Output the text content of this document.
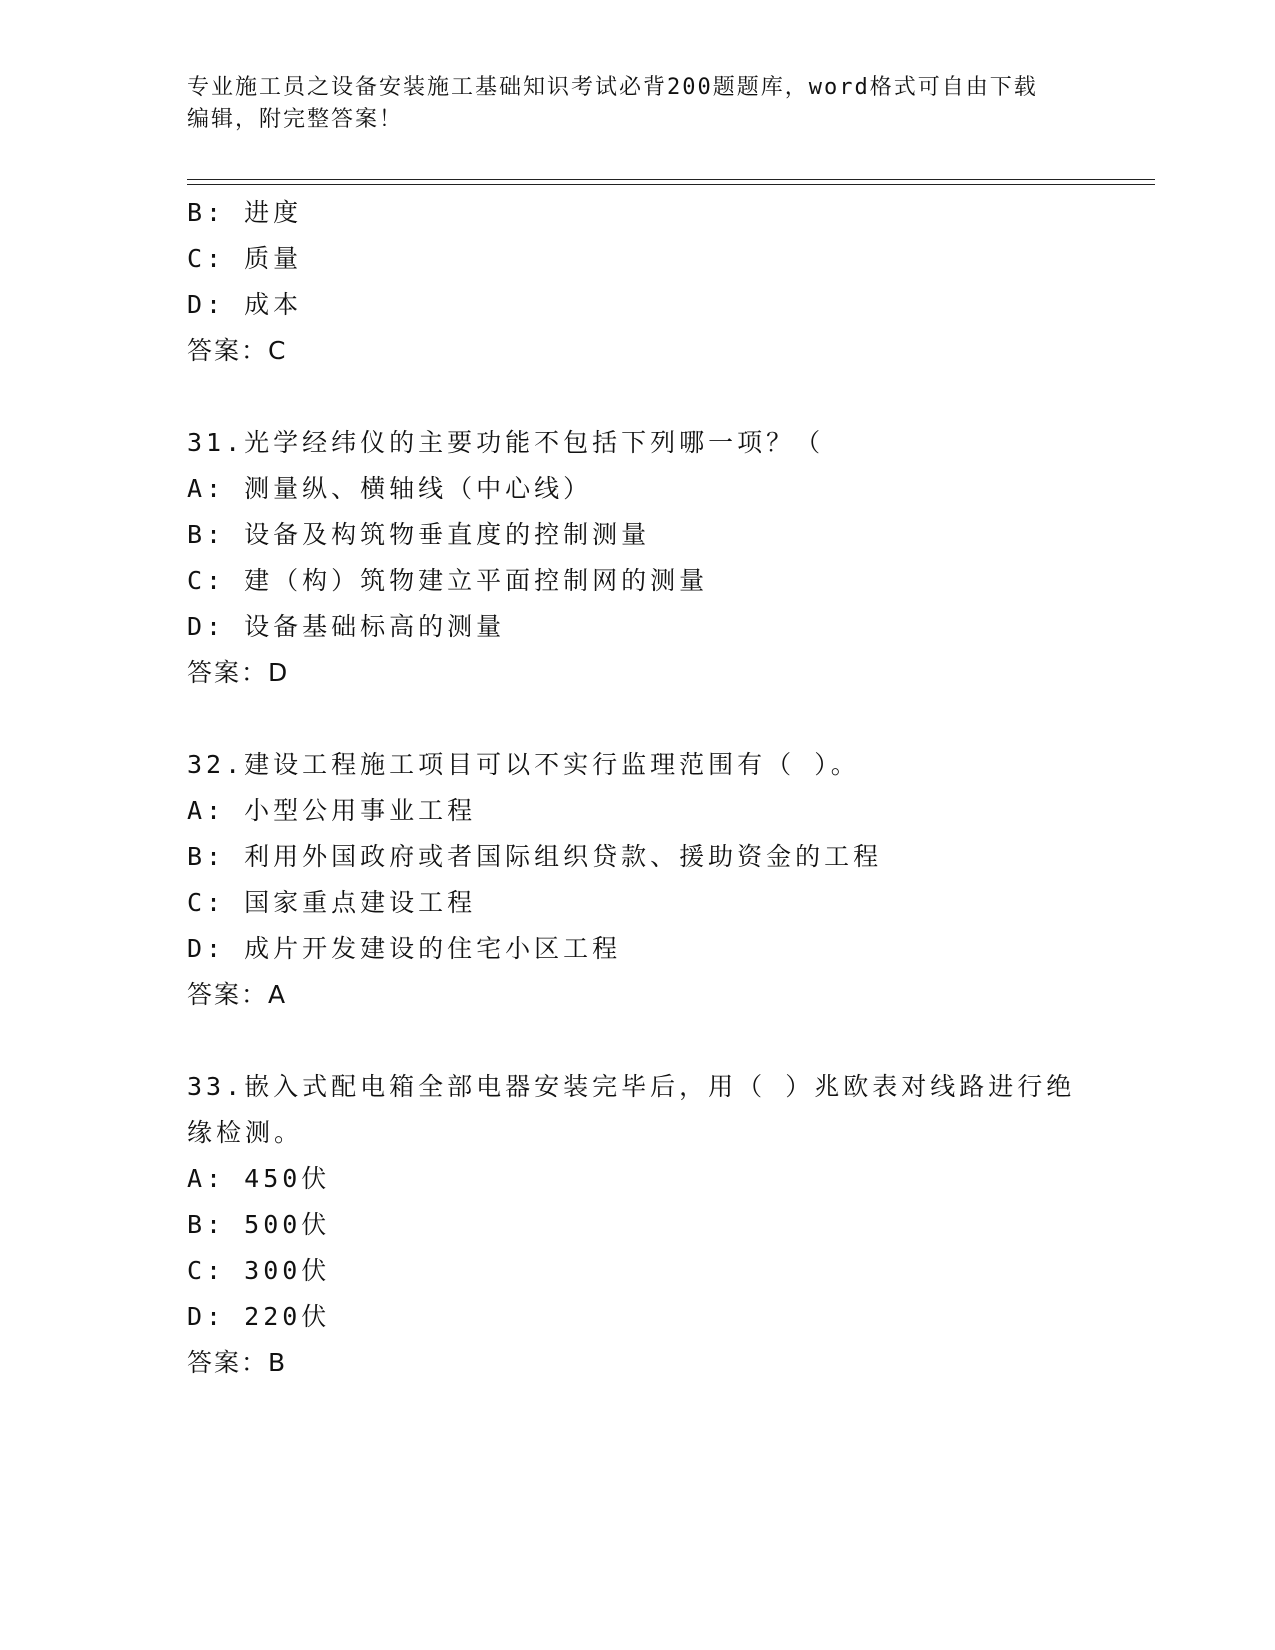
专业施工员之设备安装施工基础知识考试必背200题题库，word格式可自由下载
编辑，附完整答案！
B: 进度
C: 质量
D: 成本
答案：C
31.光学经纬仪的主要功能不包括下列哪一项？（
A: 测量纵、横轴线（中心线）
B: 设备及构筑物垂直度的控制测量
C: 建（构）筑物建立平面控制网的测量
D: 设备基础标高的测量
答案：D
32.建设工程施工项目可以不实行监理范围有（ ）。
A: 小型公用事业工程
B: 利用外国政府或者国际组织贷款、援助资金的工程
C: 国家重点建设工程
D: 成片开发建设的住宅小区工程
答案：A
33.嵌入式配电箱全部电器安装完毕后，用（ ）兆欧表对线路进行绝
缘检测。
A: 450伏
B: 500伏
C: 300伏
D: 220伏
答案：B
